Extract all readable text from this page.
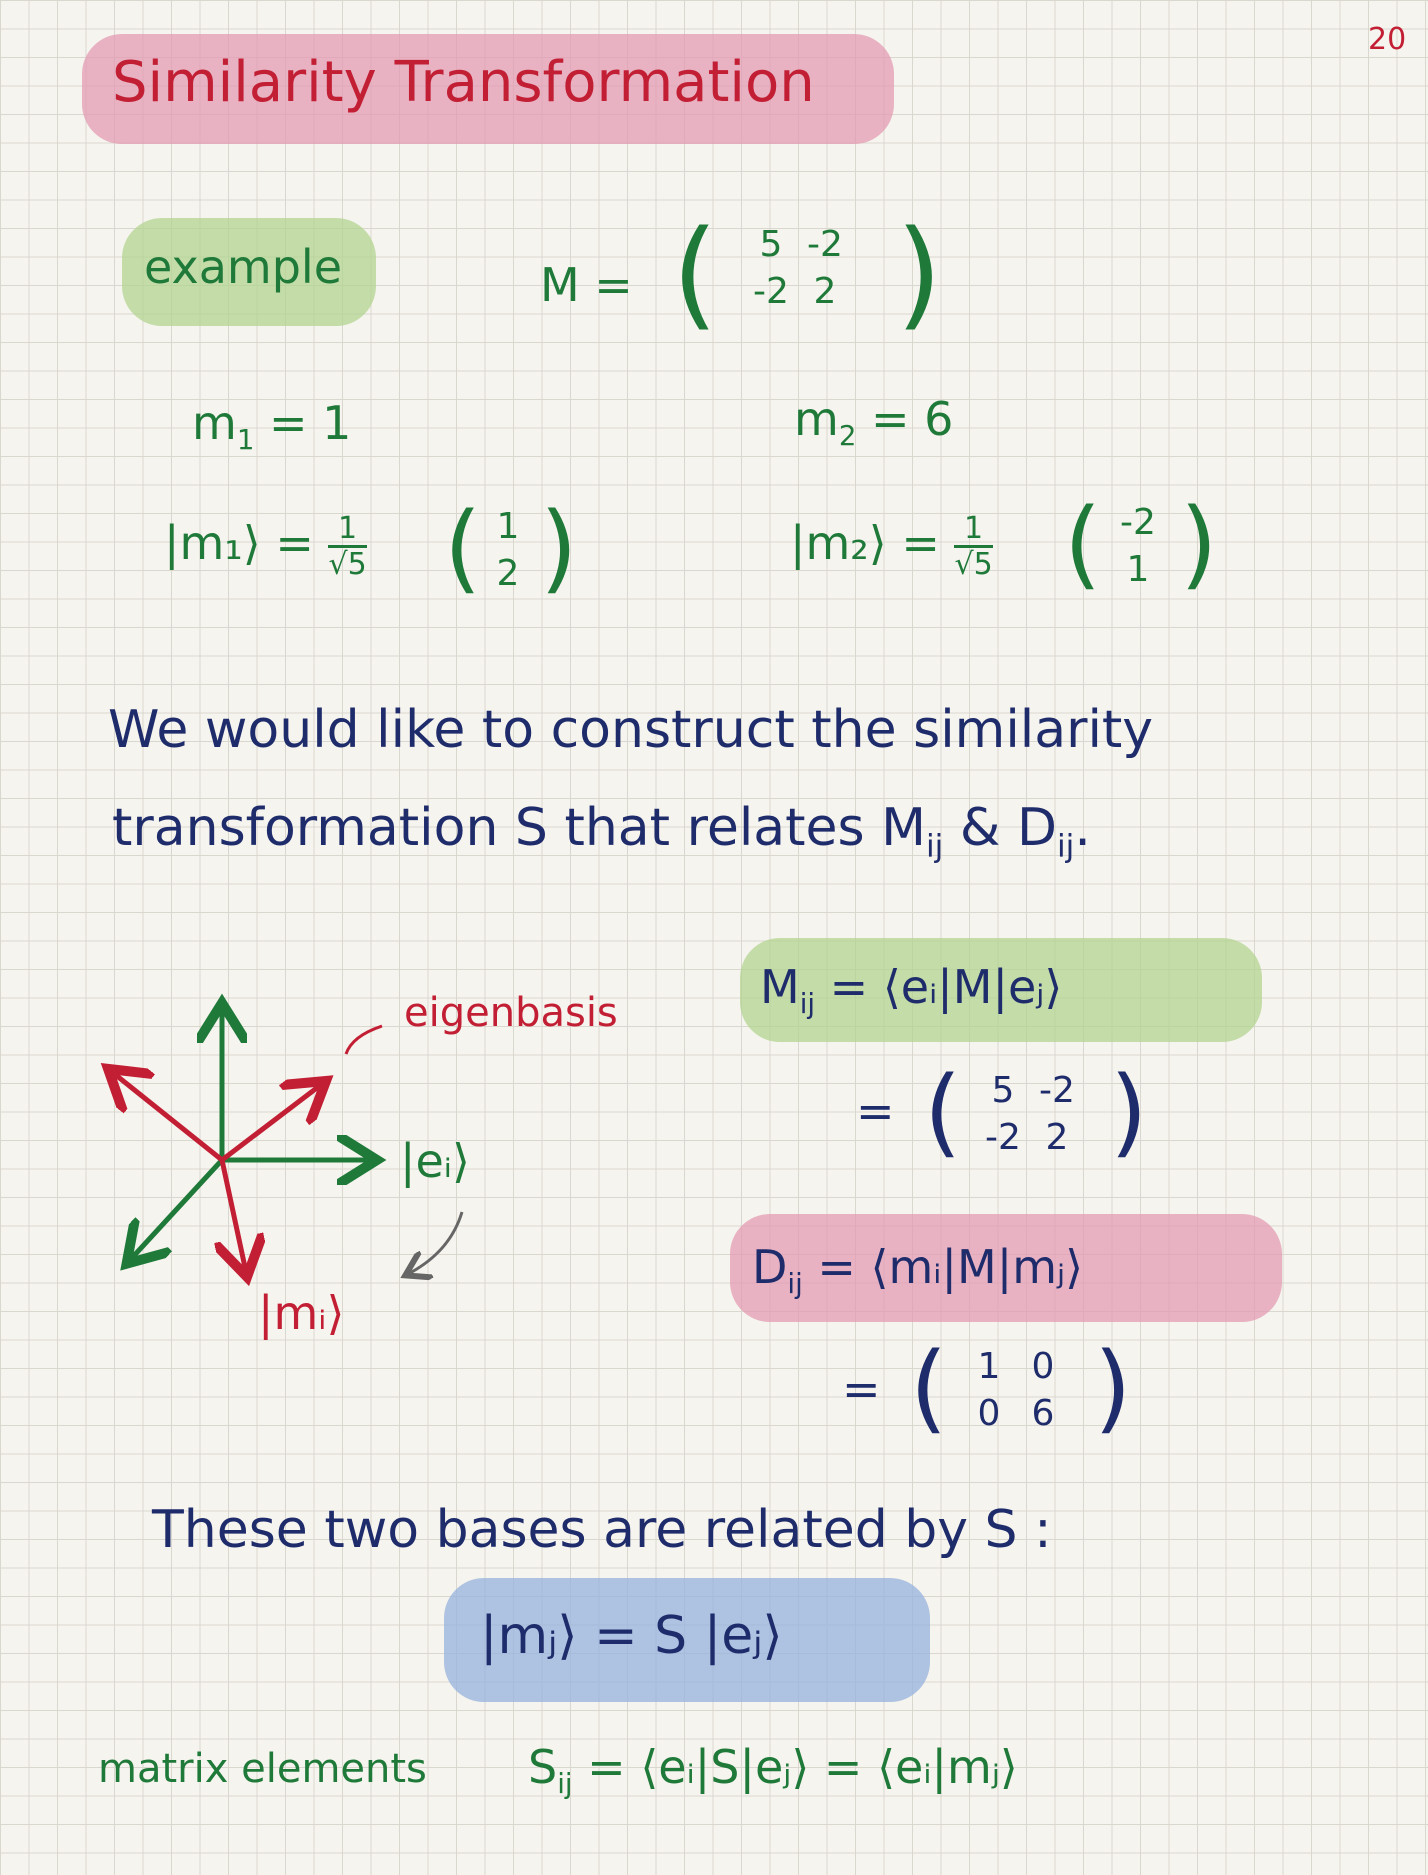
20
Similarity Transformation
example	M = (	5 -2
-2 2 )
$m_1 = 1$	$m_2 = 6$
|m₁⟩ = $\frac{1}{√5}$ ( 1
2 )	|m₂⟩ = $\frac{1}{√5}$ ( -2
1 )
We would like to construct the similarity
transformation S that relates $M_{ij}$ & $D_{ij}$.
eigenbasis
|eᵢ⟩
|mᵢ⟩
$M_{ij}$ = ⟨eᵢ|M|eⱼ⟩
= ( 5 -2
-2 2 )
$D_{ij}$ = ⟨mᵢ|M|mⱼ⟩
= ( 1 0
0 6 )
These two bases are related by S :
|mⱼ⟩ = S |eⱼ⟩
matrix elements $S_{ij}$ = ⟨eᵢ|S|eⱼ⟩ = ⟨eᵢ|mⱼ⟩
